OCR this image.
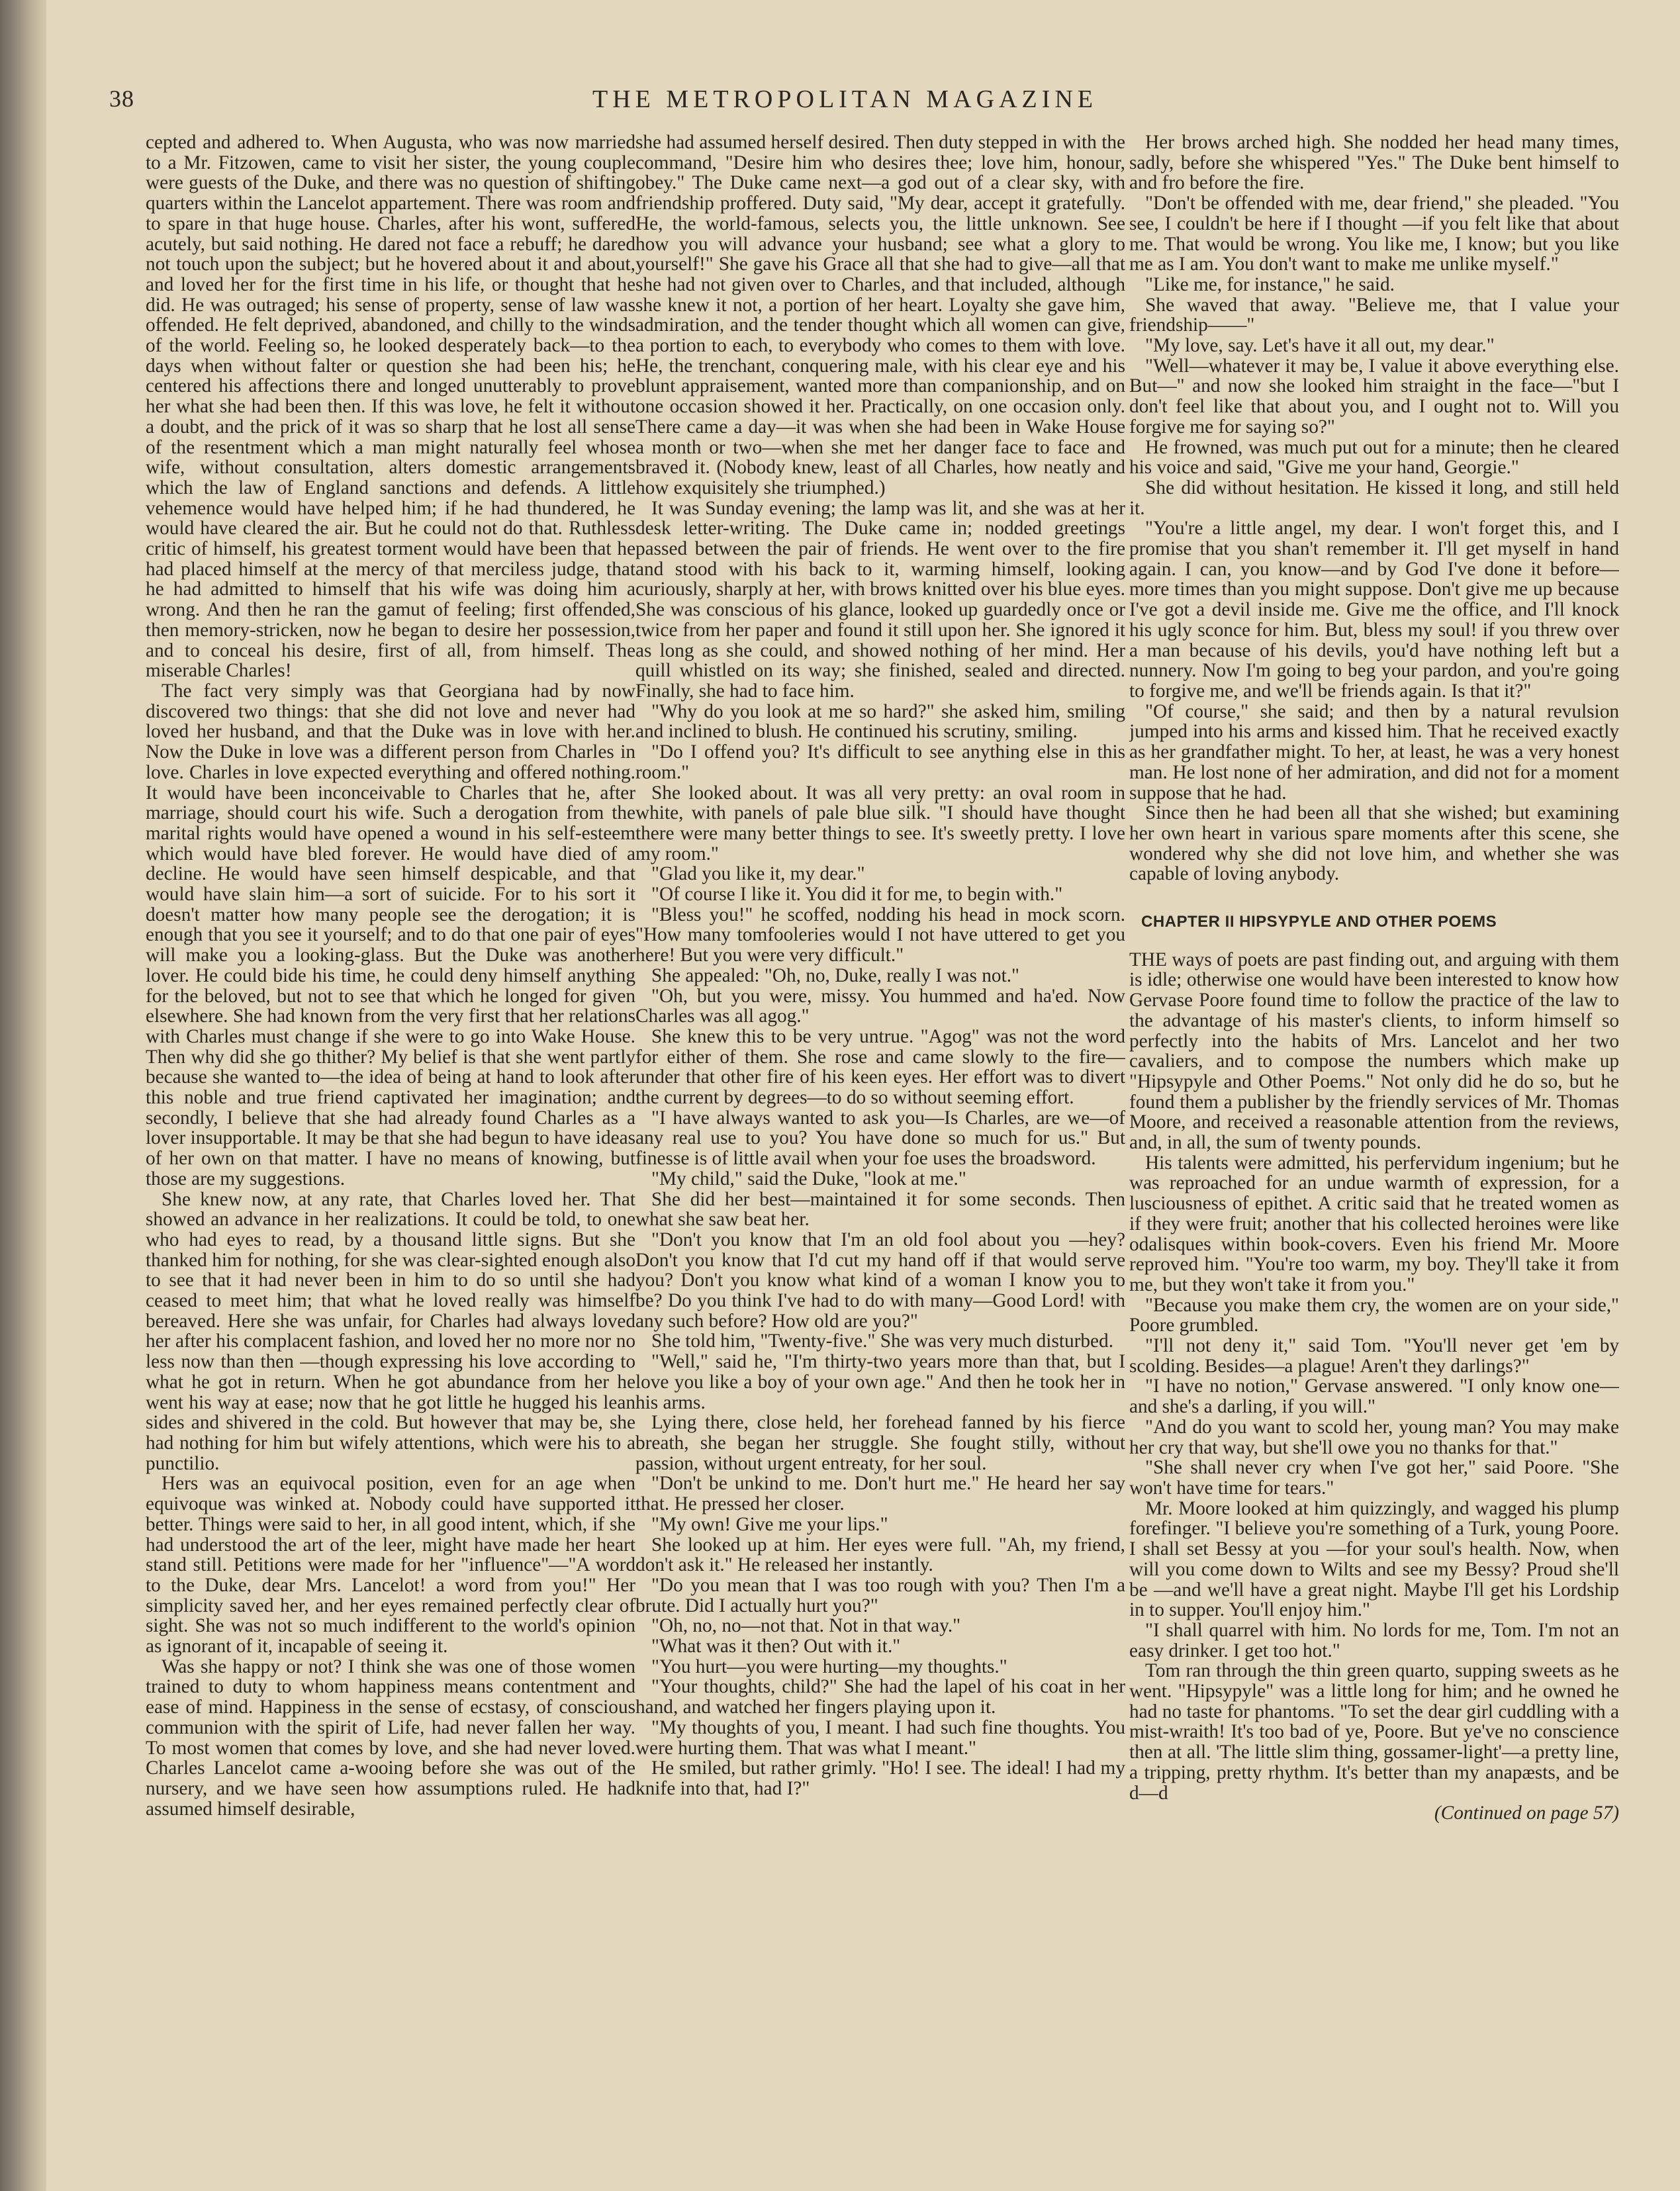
38	THE METROPOLITAN MAGAZINE

cepted and adhered to. When Augusta, who was now married to a Mr. Fitzowen, came to visit her sister, the young couple were guests of the Duke, and there was no question of shifting quarters within the Lancelot appartement. There was room and to spare in that huge house. Charles, after his wont, suffered acutely, but said nothing. He dared not face a rebuff; he dared not touch upon the subject; but he hovered about it and about, and loved her for the first time in his life, or thought that he did. He was outraged; his sense of property, sense of law was offended. He felt deprived, abandoned, and chilly to the winds of the world. Feeling so, he looked desperately back—to the days when without falter or question she had been his; he centered his affections there and longed unutterably to prove her what she had been then. If this was love, he felt it without a doubt, and the prick of it was so sharp that he lost all sense of the resentment which a man might naturally feel whose wife, without consultation, alters domestic arrangements which the law of England sanctions and defends. A little vehemence would have helped him; if he had thundered, he would have cleared the air. But he could not do that. Ruthless critic of himself, his greatest torment would have been that he had placed himself at the mercy of that merciless judge, that he had admitted to himself that his wife was doing him a wrong. And then he ran the gamut of feeling; first offended, then memory-stricken, now he began to desire her possession, and to conceal his desire, first of all, from himself. The miserable Charles!

The fact very simply was that Georgiana had by now discovered two things: that she did not love and never had loved her husband, and that the Duke was in love with her. Now the Duke in love was a different person from Charles in love. Charles in love expected everything and offered nothing. It would have been inconceivable to Charles that he, after marriage, should court his wife. Such a derogation from the marital rights would have opened a wound in his self-esteem which would have bled forever. He would have died of a decline. He would have seen himself despicable, and that would have slain him—a sort of suicide. For to his sort it doesn't matter how many people see the derogation; it is enough that you see it yourself; and to do that one pair of eyes will make you a looking-glass. But the Duke was another lover. He could bide his time, he could deny himself anything for the beloved, but not to see that which he longed for given elsewhere. She had known from the very first that her relations with Charles must change if she were to go into Wake House. Then why did she go thither? My belief is that she went partly because she wanted to—the idea of being at hand to look after this noble and true friend captivated her imagination; and secondly, I believe that she had already found Charles as a lover insupportable. It may be that she had begun to have ideas of her own on that matter. I have no means of knowing, but those are my suggestions.

She knew now, at any rate, that Charles loved her. That showed an advance in her realizations. It could be told, to one who had eyes to read, by a thousand little signs. But she thanked him for nothing, for she was clear-sighted enough also to see that it had never been in him to do so until she had ceased to meet him; that what he loved really was himself bereaved. Here she was unfair, for Charles had always loved her after his complacent fashion, and loved her no more nor no less now than then —though expressing his love according to what he got in return. When he got abundance from her he went his way at ease; now that he got little he hugged his lean sides and shivered in the cold. But however that may be, she had nothing for him but wifely attentions, which were his to a punctilio.

Hers was an equivocal position, even for an age when equivoque was winked at. Nobody could have supported it better. Things were said to her, in all good intent, which, if she had understood the art of the leer, might have made her heart stand still. Petitions were made for her "influence"—"A word to the Duke, dear Mrs. Lancelot! a word from you!" Her simplicity saved her, and her eyes remained perfectly clear of sight. She was not so much indifferent to the world's opinion as ignorant of it, incapable of seeing it.

Was she happy or not? I think she was one of those women trained to duty to whom happiness means contentment and ease of mind. Happiness in the sense of ecstasy, of conscious communion with the spirit of Life, had never fallen her way. To most women that comes by love, and she had never loved. Charles Lancelot came a-wooing before she was out of the nursery, and we have seen how assumptions ruled. He had assumed himself desirable,

she had assumed herself desired. Then duty stepped in with the command, "Desire him who desires thee; love him, honour, obey." The Duke came next—a god out of a clear sky, with friendship proffered. Duty said, "My dear, accept it gratefully. He, the world-famous, selects you, the little unknown. See how you will advance your husband; see what a glory to yourself!" She gave his Grace all that she had to give—all that she had not given over to Charles, and that included, although she knew it not, a portion of her heart. Loyalty she gave him, admiration, and the tender thought which all women can give, a portion to each, to everybody who comes to them with love. He, the trenchant, conquering male, with his clear eye and his blunt appraisement, wanted more than companionship, and on one occasion showed it her. Practically, on one occasion only. There came a day—it was when she had been in Wake House a month or two—when she met her danger face to face and braved it. (Nobody knew, least of all Charles, how neatly and how exquisitely she triumphed.)

It was Sunday evening; the lamp was lit, and she was at her desk letter-writing. The Duke came in; nodded greetings passed between the pair of friends. He went over to the fire and stood with his back to it, warming himself, looking curiously, sharply at her, with brows knitted over his blue eyes. She was conscious of his glance, looked up guardedly once or twice from her paper and found it still upon her. She ignored it as long as she could, and showed nothing of her mind. Her quill whistled on its way; she finished, sealed and directed. Finally, she had to face him.

"Why do you look at me so hard?" she asked him, smiling and inclined to blush. He continued his scrutiny, smiling.

"Do I offend you? It's difficult to see anything else in this room."

She looked about. It was all very pretty: an oval room in white, with panels of pale blue silk. "I should have thought there were many better things to see. It's sweetly pretty. I love my room."

"Glad you like it, my dear."

"Of course I like it. You did it for me, to begin with."

"Bless you!" he scoffed, nodding his head in mock scorn. "How many tomfooleries would I not have uttered to get you here! But you were very difficult."

She appealed: "Oh, no, Duke, really I was not."

"Oh, but you were, missy. You hummed and ha'ed. Now Charles was all agog."

She knew this to be very untrue. "Agog" was not the word for either of them. She rose and came slowly to the fire—under that other fire of his keen eyes. Her effort was to divert the current by degrees—to do so without seeming effort.

"I have always wanted to ask you—Is Charles, are we—of any real use to you? You have done so much for us." But finesse is of little avail when your foe uses the broadsword.

"My child," said the Duke, "look at me."

She did her best—maintained it for some seconds. Then what she saw beat her.

"Don't you know that I'm an old fool about you —hey? Don't you know that I'd cut my hand off if that would serve you? Don't you know what kind of a woman I know you to be? Do you think I've had to do with many—Good Lord! with any such before? How old are you?"

She told him, "Twenty-five." She was very much disturbed.

"Well," said he, "I'm thirty-two years more than that, but I love you like a boy of your own age." And then he took her in his arms.

Lying there, close held, her forehead fanned by his fierce breath, she began her struggle. She fought stilly, without passion, without urgent entreaty, for her soul.

"Don't be unkind to me. Don't hurt me." He heard her say that. He pressed her closer.

"My own! Give me your lips."

She looked up at him. Her eyes were full. "Ah, my friend, don't ask it." He released her instantly.

"Do you mean that I was too rough with you? Then I'm a brute. Did I actually hurt you?"

"Oh, no, no—not that. Not in that way."

"What was it then? Out with it."

"You hurt—you were hurting—my thoughts."

"Your thoughts, child?" She had the lapel of his coat in her hand, and watched her fingers playing upon it.

"My thoughts of you, I meant. I had such fine thoughts. You were hurting them. That was what I meant."

He smiled, but rather grimly. "Ho! I see. The ideal! I had my knife into that, had I?"

Her brows arched high. She nodded her head many times, sadly, before she whispered "Yes." The Duke bent himself to and fro before the fire.

"Don't be offended with me, dear friend," she pleaded. "You see, I couldn't be here if I thought —if you felt like that about me. That would be wrong. You like me, I know; but you like me as I am. You don't want to make me unlike myself."

"Like me, for instance," he said.

She waved that away. "Believe me, that I value your friendship——"

"My love, say. Let's have it all out, my dear."

"Well—whatever it may be, I value it above everything else. But—" and now she looked him straight in the face—"but I don't feel like that about you, and I ought not to. Will you forgive me for saying so?"

He frowned, was much put out for a minute; then he cleared his voice and said, "Give me your hand, Georgie."

She did without hesitation. He kissed it long, and still held it.

"You're a little angel, my dear. I won't forget this, and I promise that you shan't remember it. I'll get myself in hand again. I can, you know—and by God I've done it before—more times than you might suppose. Don't give me up because I've got a devil inside me. Give me the office, and I'll knock his ugly sconce for him. But, bless my soul! if you threw over a man because of his devils, you'd have nothing left but a nunnery. Now I'm going to beg your pardon, and you're going to forgive me, and we'll be friends again. Is that it?"

"Of course," she said; and then by a natural revulsion jumped into his arms and kissed him. That he received exactly as her grandfather might. To her, at least, he was a very honest man. He lost none of her admiration, and did not for a moment suppose that he had.

Since then he had been all that she wished; but examining her own heart in various spare moments after this scene, she wondered why she did not love him, and whether she was capable of loving anybody.

CHAPTER II HIPSYPYLE AND OTHER POEMS

THE ways of poets are past finding out, and arguing with them is idle; otherwise one would have been interested to know how Gervase Poore found time to follow the practice of the law to the advantage of his master's clients, to inform himself so perfectly into the habits of Mrs. Lancelot and her two cavaliers, and to compose the numbers which make up "Hipsypyle and Other Poems." Not only did he do so, but he found them a publisher by the friendly services of Mr. Thomas Moore, and received a reasonable attention from the reviews, and, in all, the sum of twenty pounds.

His talents were admitted, his perfervidum ingenium; but he was reproached for an undue warmth of expression, for a lusciousness of epithet. A critic said that he treated women as if they were fruit; another that his collected heroines were like odalisques within book-covers. Even his friend Mr. Moore reproved him. "You're too warm, my boy. They'll take it from me, but they won't take it from you."

"Because you make them cry, the women are on your side," Poore grumbled.

"I'll not deny it," said Tom. "You'll never get 'em by scolding. Besides—a plague! Aren't they darlings?"

"I have no notion," Gervase answered. "I only know one—and she's a darling, if you will."

"And do you want to scold her, young man? You may make her cry that way, but she'll owe you no thanks for that."

"She shall never cry when I've got her," said Poore. "She won't have time for tears."

Mr. Moore looked at him quizzingly, and wagged his plump forefinger. "I believe you're something of a Turk, young Poore. I shall set Bessy at you —for your soul's health. Now, when will you come down to Wilts and see my Bessy? Proud she'll be —and we'll have a great night. Maybe I'll get his Lordship in to supper. You'll enjoy him."

"I shall quarrel with him. No lords for me, Tom. I'm not an easy drinker. I get too hot."

Tom ran through the thin green quarto, supping sweets as he went. "Hipsypyle" was a little long for him; and he owned he had no taste for phantoms. "To set the dear girl cuddling with a mist-wraith! It's too bad of ye, Poore. But ye've no conscience then at all. 'The little slim thing, gossamer-light'—a pretty line, a tripping, pretty rhythm. It's better than my anapæsts, and be d—d

(Continued on page 57)
